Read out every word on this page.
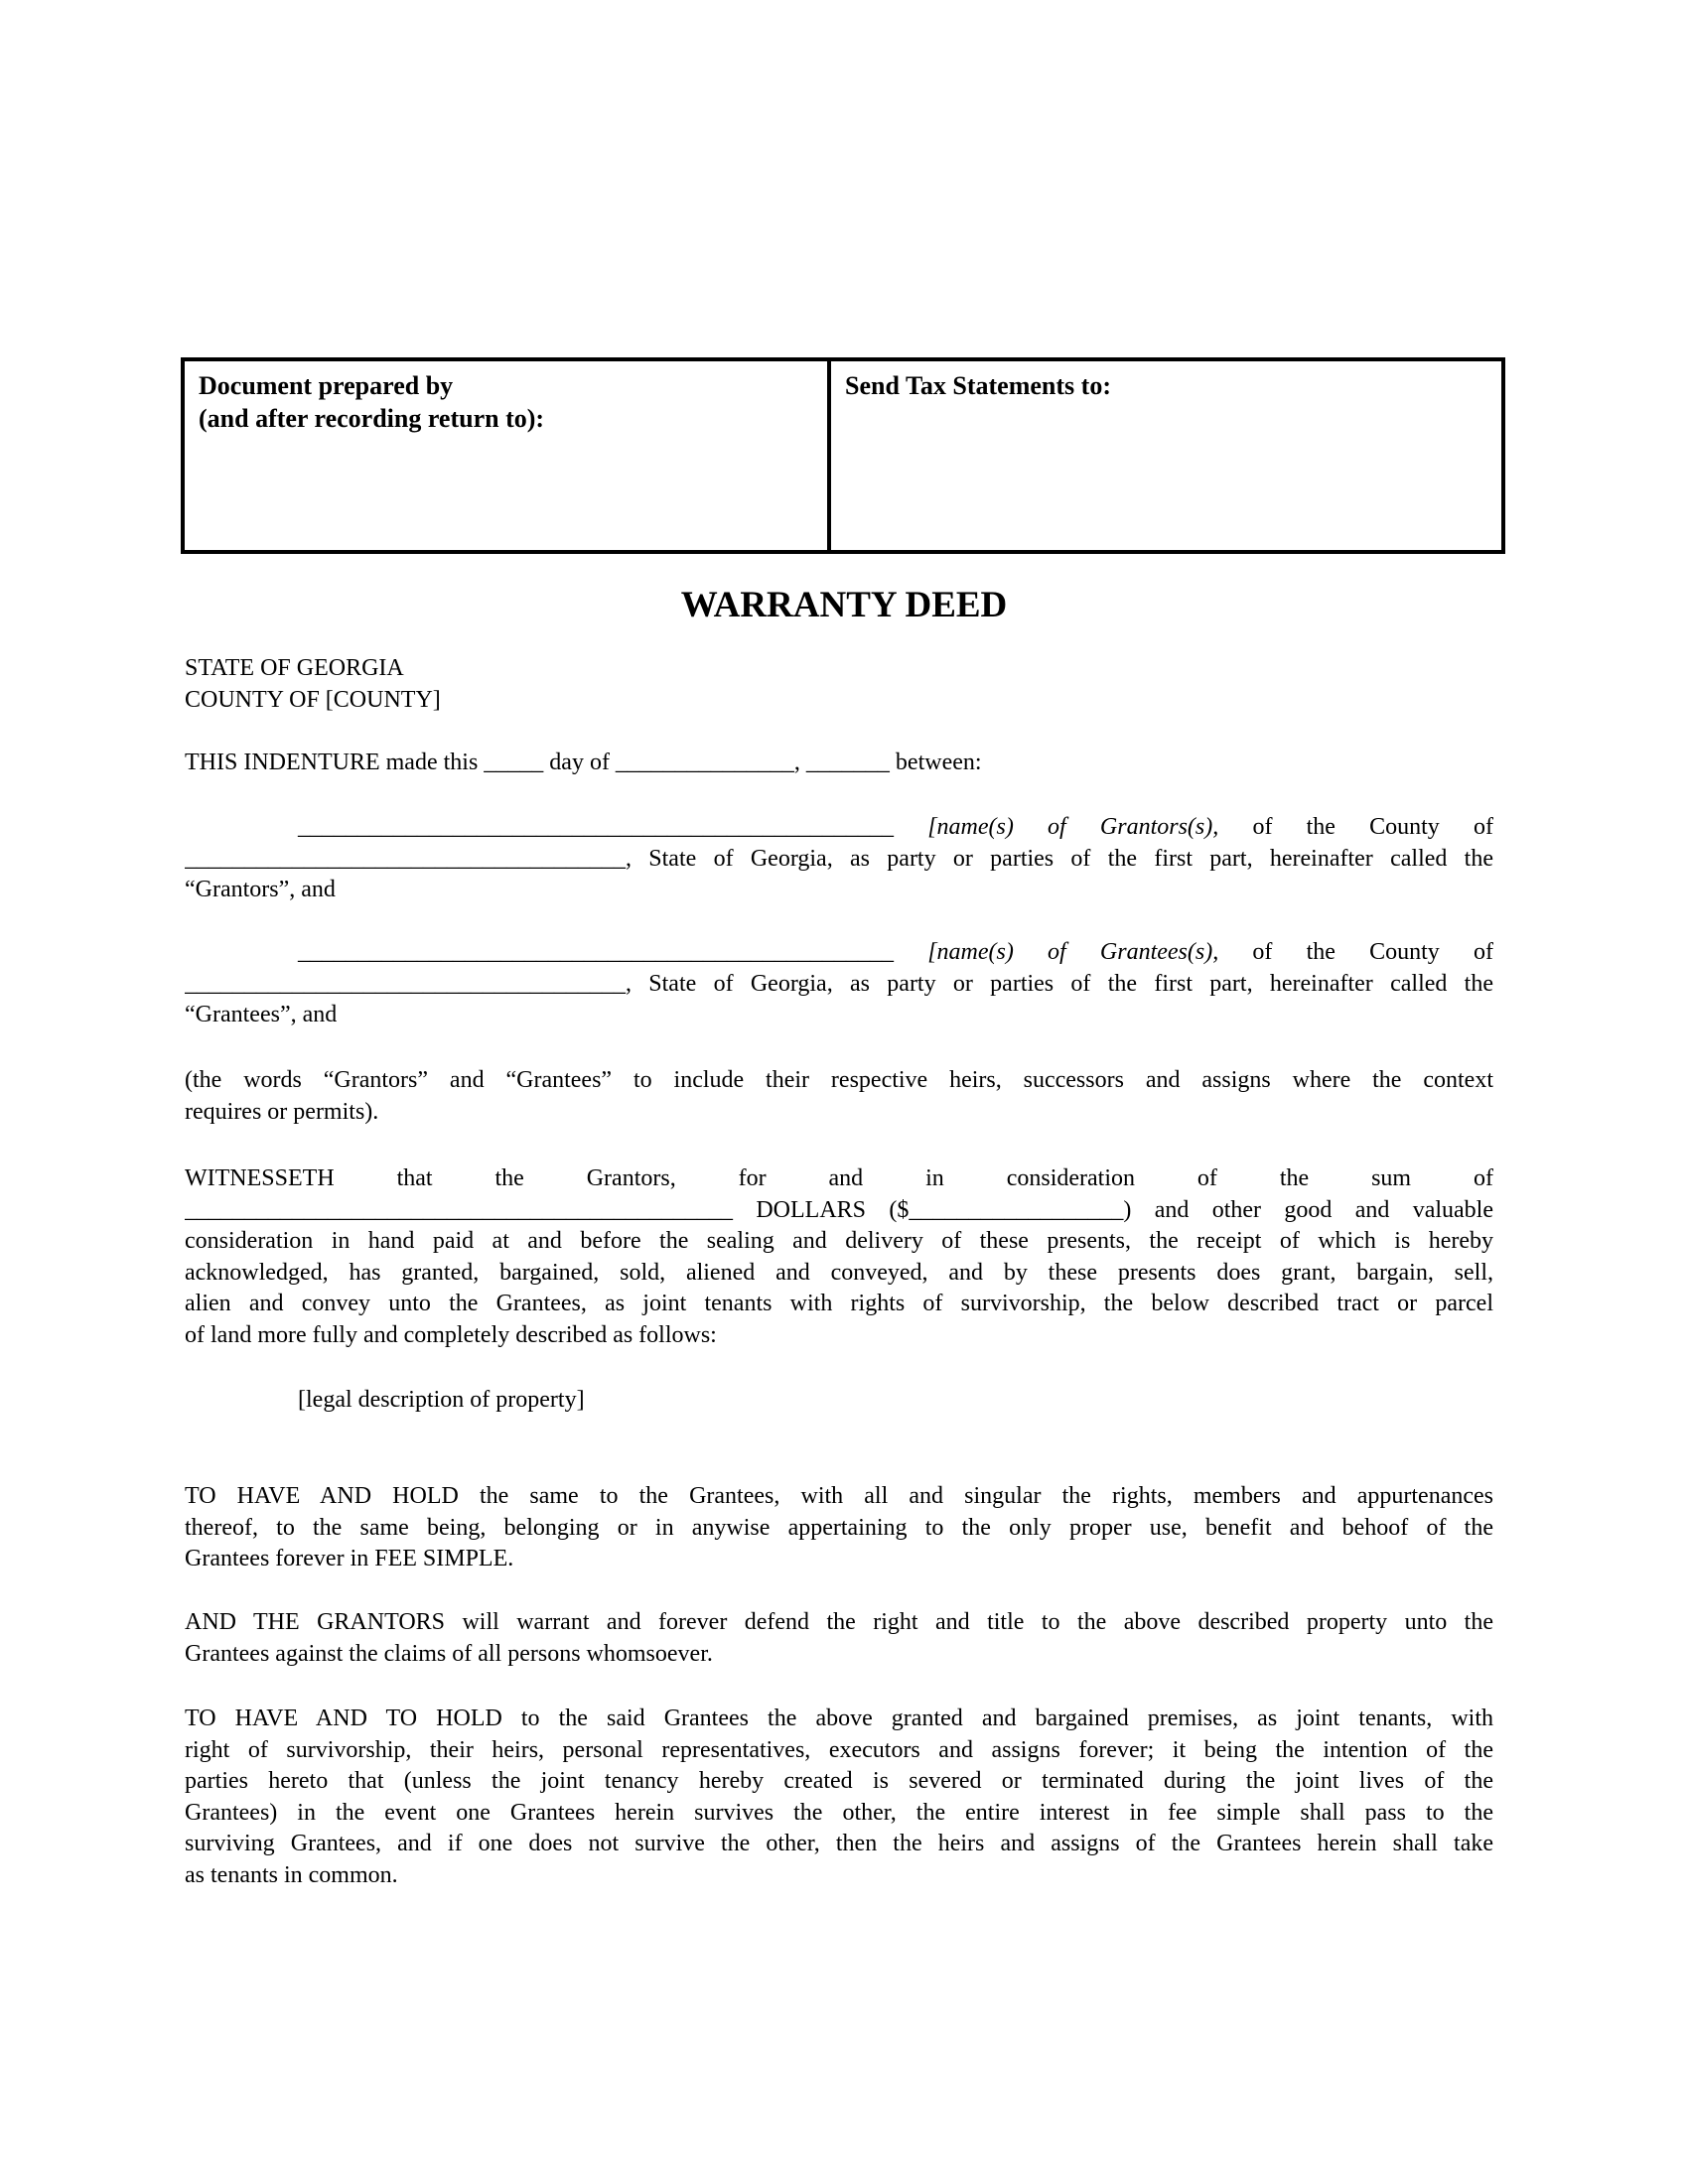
Document prepared by
(and after recording return to):
Send Tax Statements to:
WARRANTY DEED
STATE OF GEORGIA
COUNTY OF [COUNTY]
THIS INDENTURE made this _____ day of _______________, _______ between:
__________________________________________________ [name(s) of Grantors(s), of the County of
_____________________________________, State of Georgia, as party or parties of the first part, hereinafter called the
“Grantors”, and
__________________________________________________ [name(s) of Grantees(s), of the County of
_____________________________________, State of Georgia, as party or parties of the first part, hereinafter called the
“Grantees”, and
(the words “Grantors” and “Grantees” to include their respective heirs, successors and assigns where the context
requires or permits).
WITNESSETH that the Grantors, for and in consideration of the sum of
______________________________________________ DOLLARS ($__________________) and other good and valuable
consideration in hand paid at and before the sealing and delivery of these presents, the receipt of which is hereby
acknowledged, has granted, bargained, sold, aliened and conveyed, and by these presents does grant, bargain, sell,
alien and convey unto the Grantees, as joint tenants with rights of survivorship, the below described tract or parcel
of land more fully and completely described as follows:
[legal description of property]
TO HAVE AND HOLD the same to the Grantees, with all and singular the rights, members and appurtenances
thereof, to the same being, belonging or in anywise appertaining to the only proper use, benefit and behoof of the
Grantees forever in FEE SIMPLE.
AND THE GRANTORS will warrant and forever defend the right and title to the above described property unto the
Grantees against the claims of all persons whomsoever.
TO HAVE AND TO HOLD to the said Grantees the above granted and bargained premises, as joint tenants, with
right of survivorship, their heirs, personal representatives, executors and assigns forever; it being the intention of the
parties hereto that (unless the joint tenancy hereby created is severed or terminated during the joint lives of the
Grantees) in the event one Grantees herein survives the other, the entire interest in fee simple shall pass to the
surviving Grantees, and if one does not survive the other, then the heirs and assigns of the Grantees herein shall take
as tenants in common.
